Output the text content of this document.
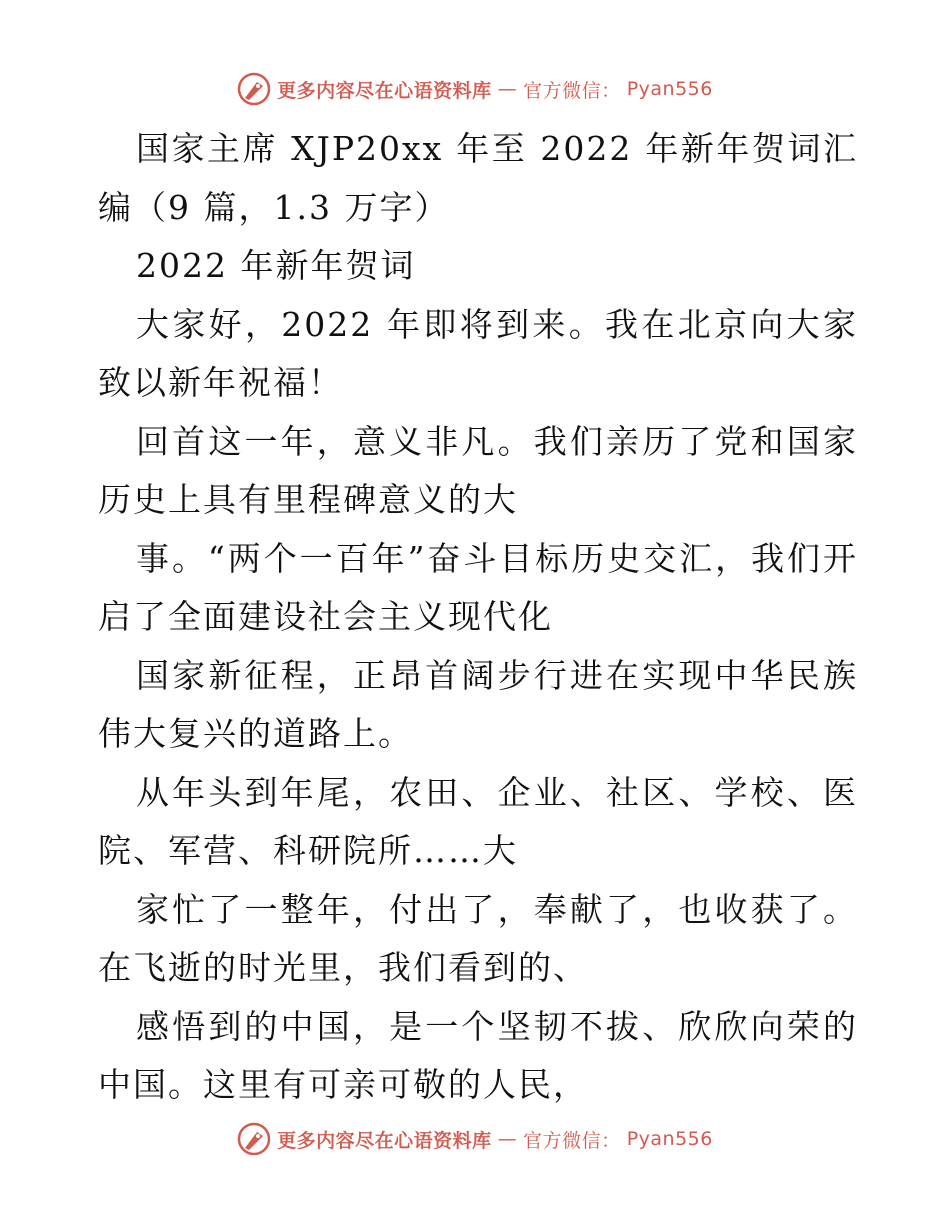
更多内容尽在心语资料库 — 官方微信： Pyan556

国家主席 XJP20xx 年至 2022 年新年贺词汇编（9 篇，1.3 万字）

2022 年新年贺词

大家好，2022 年即将到来。我在北京向大家致以新年祝福！

回首这一年，意义非凡。我们亲历了党和国家历史上具有里程碑意义的大

事。“两个一百年”奋斗目标历史交汇，我们开启了全面建设社会主义现代化

国家新征程，正昂首阔步行进在实现中华民族伟大复兴的道路上。

从年头到年尾，农田、企业、社区、学校、医院、军营、科研院所……大

家忙了一整年，付出了，奉献了，也收获了。在飞逝的时光里，我们看到的、

感悟到的中国，是一个坚韧不拔、欣欣向荣的中国。这里有可亲可敬的人民，

更多内容尽在心语资料库 — 官方微信： Pyan556
